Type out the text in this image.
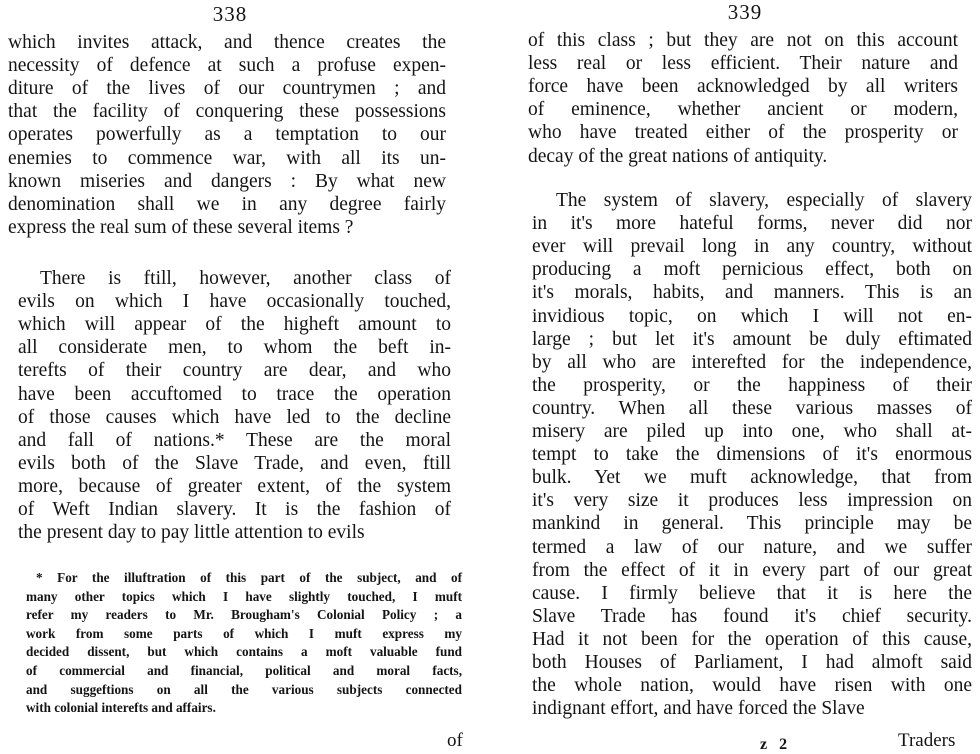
338
which invites attack, and thence creates the
necessity of defence at such a profuse expen-
diture of the lives of our countrymen ; and
that the facility of conquering these possessions
operates powerfully as a temptation to our
enemies to commence war, with all its un-
known miseries and dangers : By what new
denomination shall we in any degree fairly
express the real sum of these several items ?
There is ftill, however, another class of
evils on which I have occasionally touched,
which will appear of the higheft amount to
all considerate men, to whom the beft in-
terefts of their country are dear, and who
have been accuftomed to trace the operation
of those causes which have led to the decline
and fall of nations.* These are the moral
evils both of the Slave Trade, and even, ftill
more, because of greater extent, of the system
of Weft Indian slavery. It is the fashion of
the present day to pay little attention to evils
* For the illuftration of this part of the subject, and of
many other topics which I have slightly touched, I muft
refer my readers to Mr. Brougham's Colonial Policy ; a
work from some parts of which I muft express my
decided dissent, but which contains a moft valuable fund
of commercial and financial, political and moral facts,
and suggeftions on all the various subjects connected
with colonial interefts and affairs.
of
339
of this class ; but they are not on this account
less real or less efficient. Their nature and
force have been acknowledged by all writers
of eminence, whether ancient or modern,
who have treated either of the prosperity or
decay of the great nations of antiquity.
The system of slavery, especially of slavery
in it's more hateful forms, never did nor
ever will prevail long in any country, without
producing a moft pernicious effect, both on
it's morals, habits, and manners. This is an
invidious topic, on which I will not en-
large ; but let it's amount be duly eftimated
by all who are interefted for the independence,
the prosperity, or the happiness of their
country. When all these various masses of
misery are piled up into one, who shall at-
tempt to take the dimensions of it's enormous
bulk. Yet we muft acknowledge, that from
it's very size it produces less impression on
mankind in general. This principle may be
termed a law of our nature, and we suffer
from the effect of it in every part of our great
cause. I firmly believe that it is here the
Slave Trade has found it's chief security.
Had it not been for the operation of this cause,
both Houses of Parliament, I had almoft said
the whole nation, would have risen with one
indignant effort, and have forced the Slave
z 2	Traders
